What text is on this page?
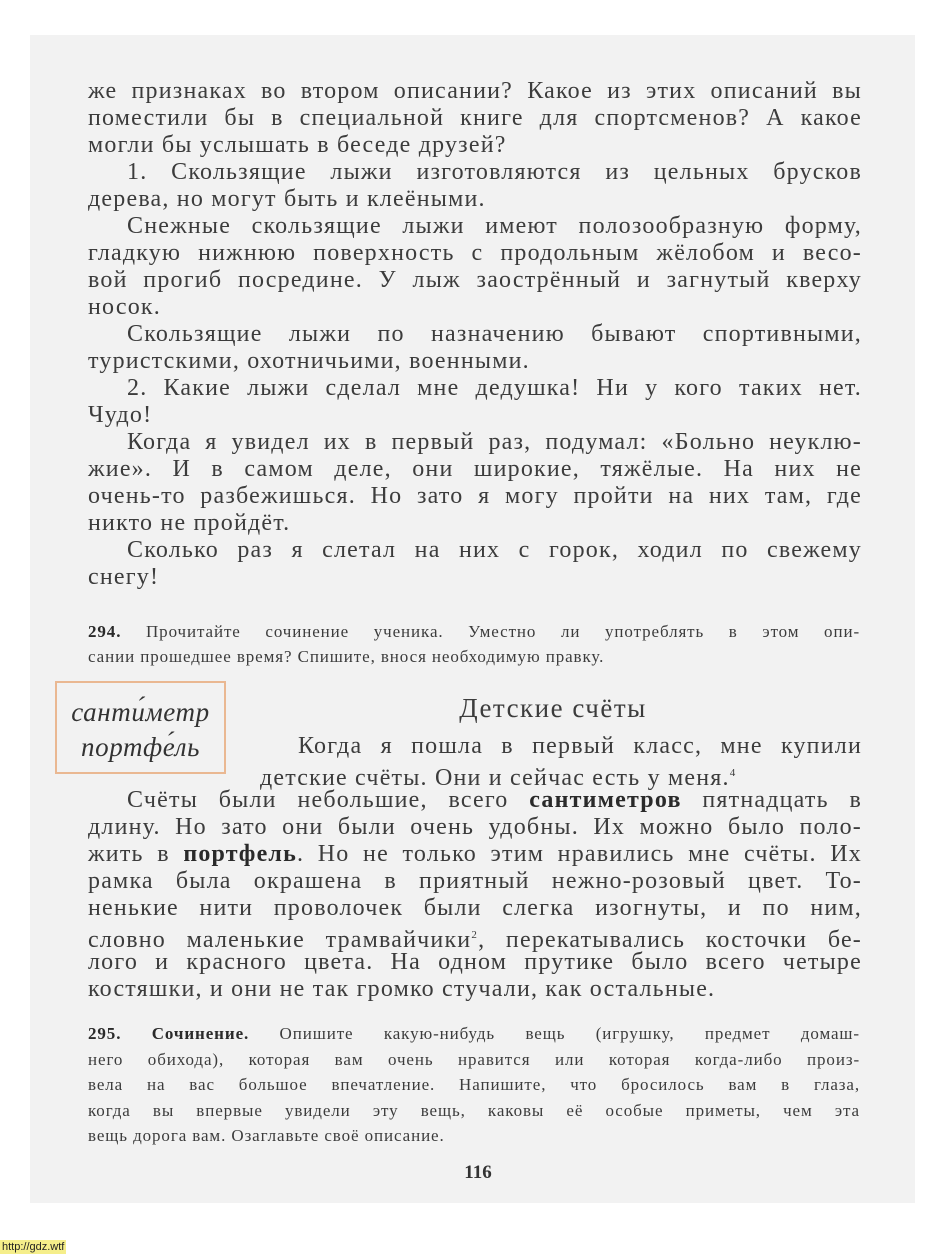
же признаках во втором описании? Какое из этих описаний вы
поместили бы в специальной книге для спортсменов? А какое
могли бы услышать в беседе друзей?
1. Скользящие лыжи изготовляются из цельных брусков
дерева, но могут быть и клеёными.
Снежные скользящие лыжи имеют полозообразную форму,
гладкую нижнюю поверхность с продольным жёлобом и весо-
вой прогиб посредине. У лыж заострённый и загнутый кверху
носок.
Скользящие лыжи по назначению бывают спортивными,
туристскими, охотничьими, военными.
2. Какие лыжи сделал мне дедушка! Ни у кого таких нет.
Чудо!
Когда я увидел их в первый раз, подумал: «Больно неуклю-
жие». И в самом деле, они широкие, тяжёлые. На них не
очень-то разбежишься. Но зато я могу пройти на них там, где
никто не пройдёт.
Сколько раз я слетал на них с горок, ходил по свежему
снегу!
294. Прочитайте сочинение ученика. Уместно ли употреблять в этом опи-
сании прошедшее время? Спишите, внося необходимую правку.
санти́метр
портфе́ль
Детские счёты
Когда я пошла в первый класс, мне купили
детские счёты. Они и сейчас есть у меня.$^4$
Счёты были небольшие, всего сантиметров пятнадцать в
длину. Но зато они были очень удобны. Их можно было поло-
жить в портфель. Но не только этим нравились мне счёты. Их
рамка была окрашена в приятный нежно-розовый цвет. То-
ненькие нити проволочек были слегка изогнуты, и по ним,
словно маленькие трамвайчики$^2$, перекатывались косточки бе-
лого и красного цвета. На одном прутике было всего четыре
костяшки, и они не так громко стучали, как остальные.
295. Сочинение. Опишите какую-нибудь вещь (игрушку, предмет домаш-
него обихода), которая вам очень нравится или которая когда-либо произ-
вела на вас большое впечатление. Напишите, что бросилось вам в глаза,
когда вы впервые увидели эту вещь, каковы её особые приметы, чем эта
вещь дорога вам. Озаглавьте своё описание.
116
http://gdz.wtf
